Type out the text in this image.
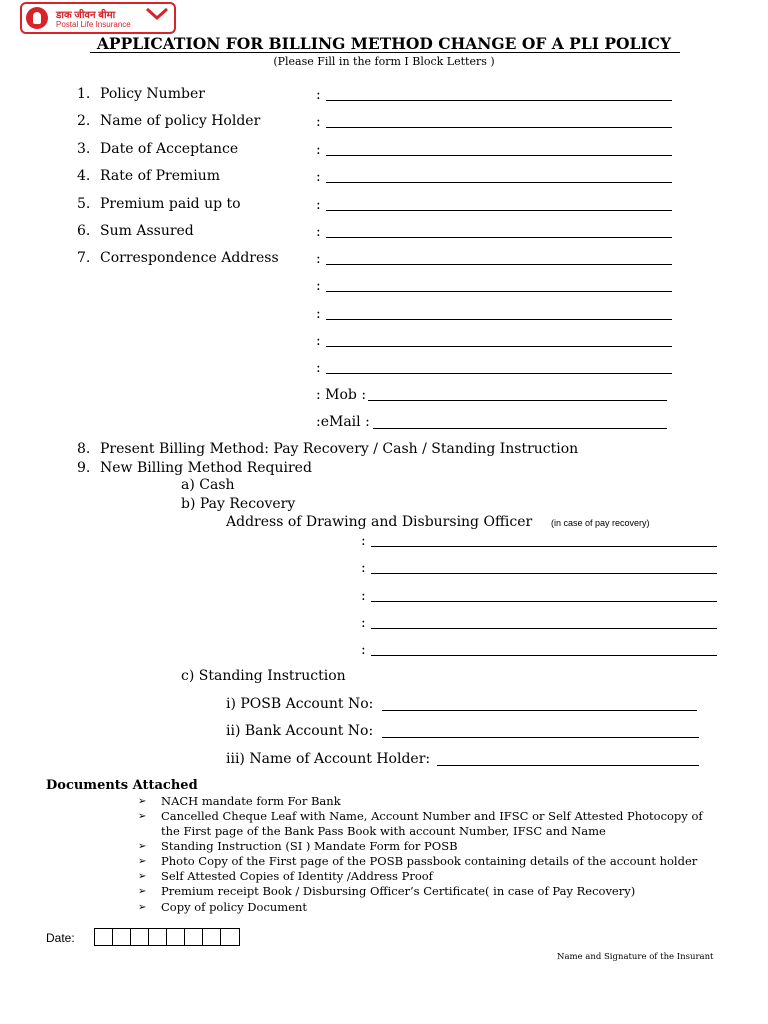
डाक जीवन बीमा
Postal Life Insurance
APPLICATION FOR BILLING METHOD CHANGE OF A PLI POLICY
(Please Fill in the form I Block Letters )
1. Policy Number
2. Name of policy Holder
3. Date of Acceptance
4. Rate of Premium
5. Premium paid up to
6. Sum Assured
7. Correspondence Address
:
:
:
:
:
:
:
:
:
:
:
: Mob :
:eMail :
8. Present Billing Method: Pay Recovery / Cash / Standing Instruction
9. New Billing Method Required
a) Cash
b) Pay Recovery
Address of Drawing and Disbursing Officer (in case of pay recovery)
:
:
:
:
:
c) Standing Instruction
i) POSB Account No:
ii) Bank Account No:
iii) Name of Account Holder:
Documents Attached
➢ NACH mandate form For Bank
➢ Cancelled Cheque Leaf with Name, Account Number and IFSC or Self Attested Photocopy of
the First page of the Bank Pass Book with account Number, IFSC and Name
➢ Standing Instruction (SI ) Mandate Form for POSB
➢ Photo Copy of the First page of the POSB passbook containing details of the account holder
➢ Self Attested Copies of Identity /Address Proof
➢ Premium receipt Book / Disbursing Officer’s Certificate( in case of Pay Recovery)
➢ Copy of policy Document
Date:
Name and Signature of the Insurant
